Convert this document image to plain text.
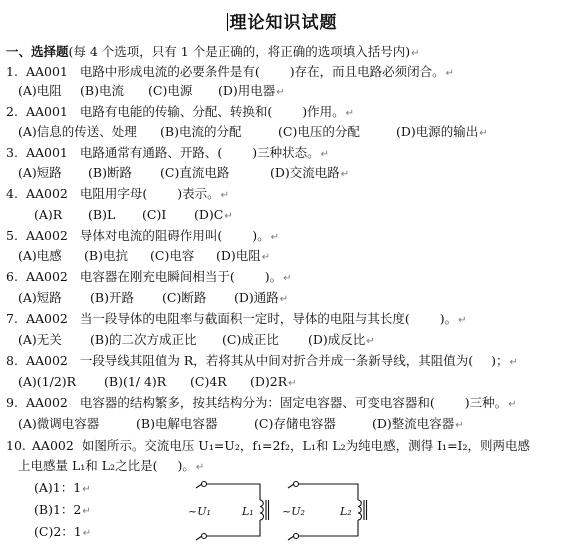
理论知识试题
一、选择题(每 4 个选项，只有 1 个是正确的，将正确的选项填入括号内)↵
1. AA001 电路中形成电流的必要条件是有( )存在，而且电路必须闭合。↵
(A)电阻 (B)电流 (C)电源 (D)用电器↵
2. AA001 电路有电能的传输、分配、转换和( )作用。↵
(A)信息的传送、处理 (B)电流的分配	(C)电压的分配	(D)电源的输出↵
3. AA001 电路通常有通路、开路、( )三种状态。↵
(A)短路 (B)断路 (C)直流电路	(D)交流电路↵
4. AA002 电阻用字母( )表示。↵
(A)R (B)L (C)I (D)C↵
5. AA002 导体对电流的阻碍作用叫( )。↵
(A)电感 (B)电抗 (C)电容 (D)电阻↵
6. AA002 电容器在刚充电瞬间相当于( )。↵
(A)短路 (B)开路 (C)断路 (D)通路↵
7. AA002 当一段导体的电阻率与截面积一定时，导体的电阻与其长度( )。↵
(A)无关 (B)的二次方成正比 (C)成正比 (D)成反比↵
8. AA002 一段导线其阻值为 R，若将其从中间对折合并成一条新导线，其阻值为( )；↵
(A)(1/2)R (B)(1/ 4)R (C)4R (D)2R↵
9. AA002 电容器的结构繁多，按其结构分为：固定电容器、可变电容器和( )三种。↵
(A)微调电容器	(B)电解电容器	(C)存储电容器	(D)整流电容器↵
10. AA002 如图所示。交流电压 U₁=U₂，f₁=2f₂，L₁和 L₂为纯电感，测得 I₁=I₂，则两电感
上电感量 L₁和 L₂之比是( )。↵
(A)1：1↵
(B)1：2↵
(C)2：1↵
~U₁	L₁	~U₂	L₂
